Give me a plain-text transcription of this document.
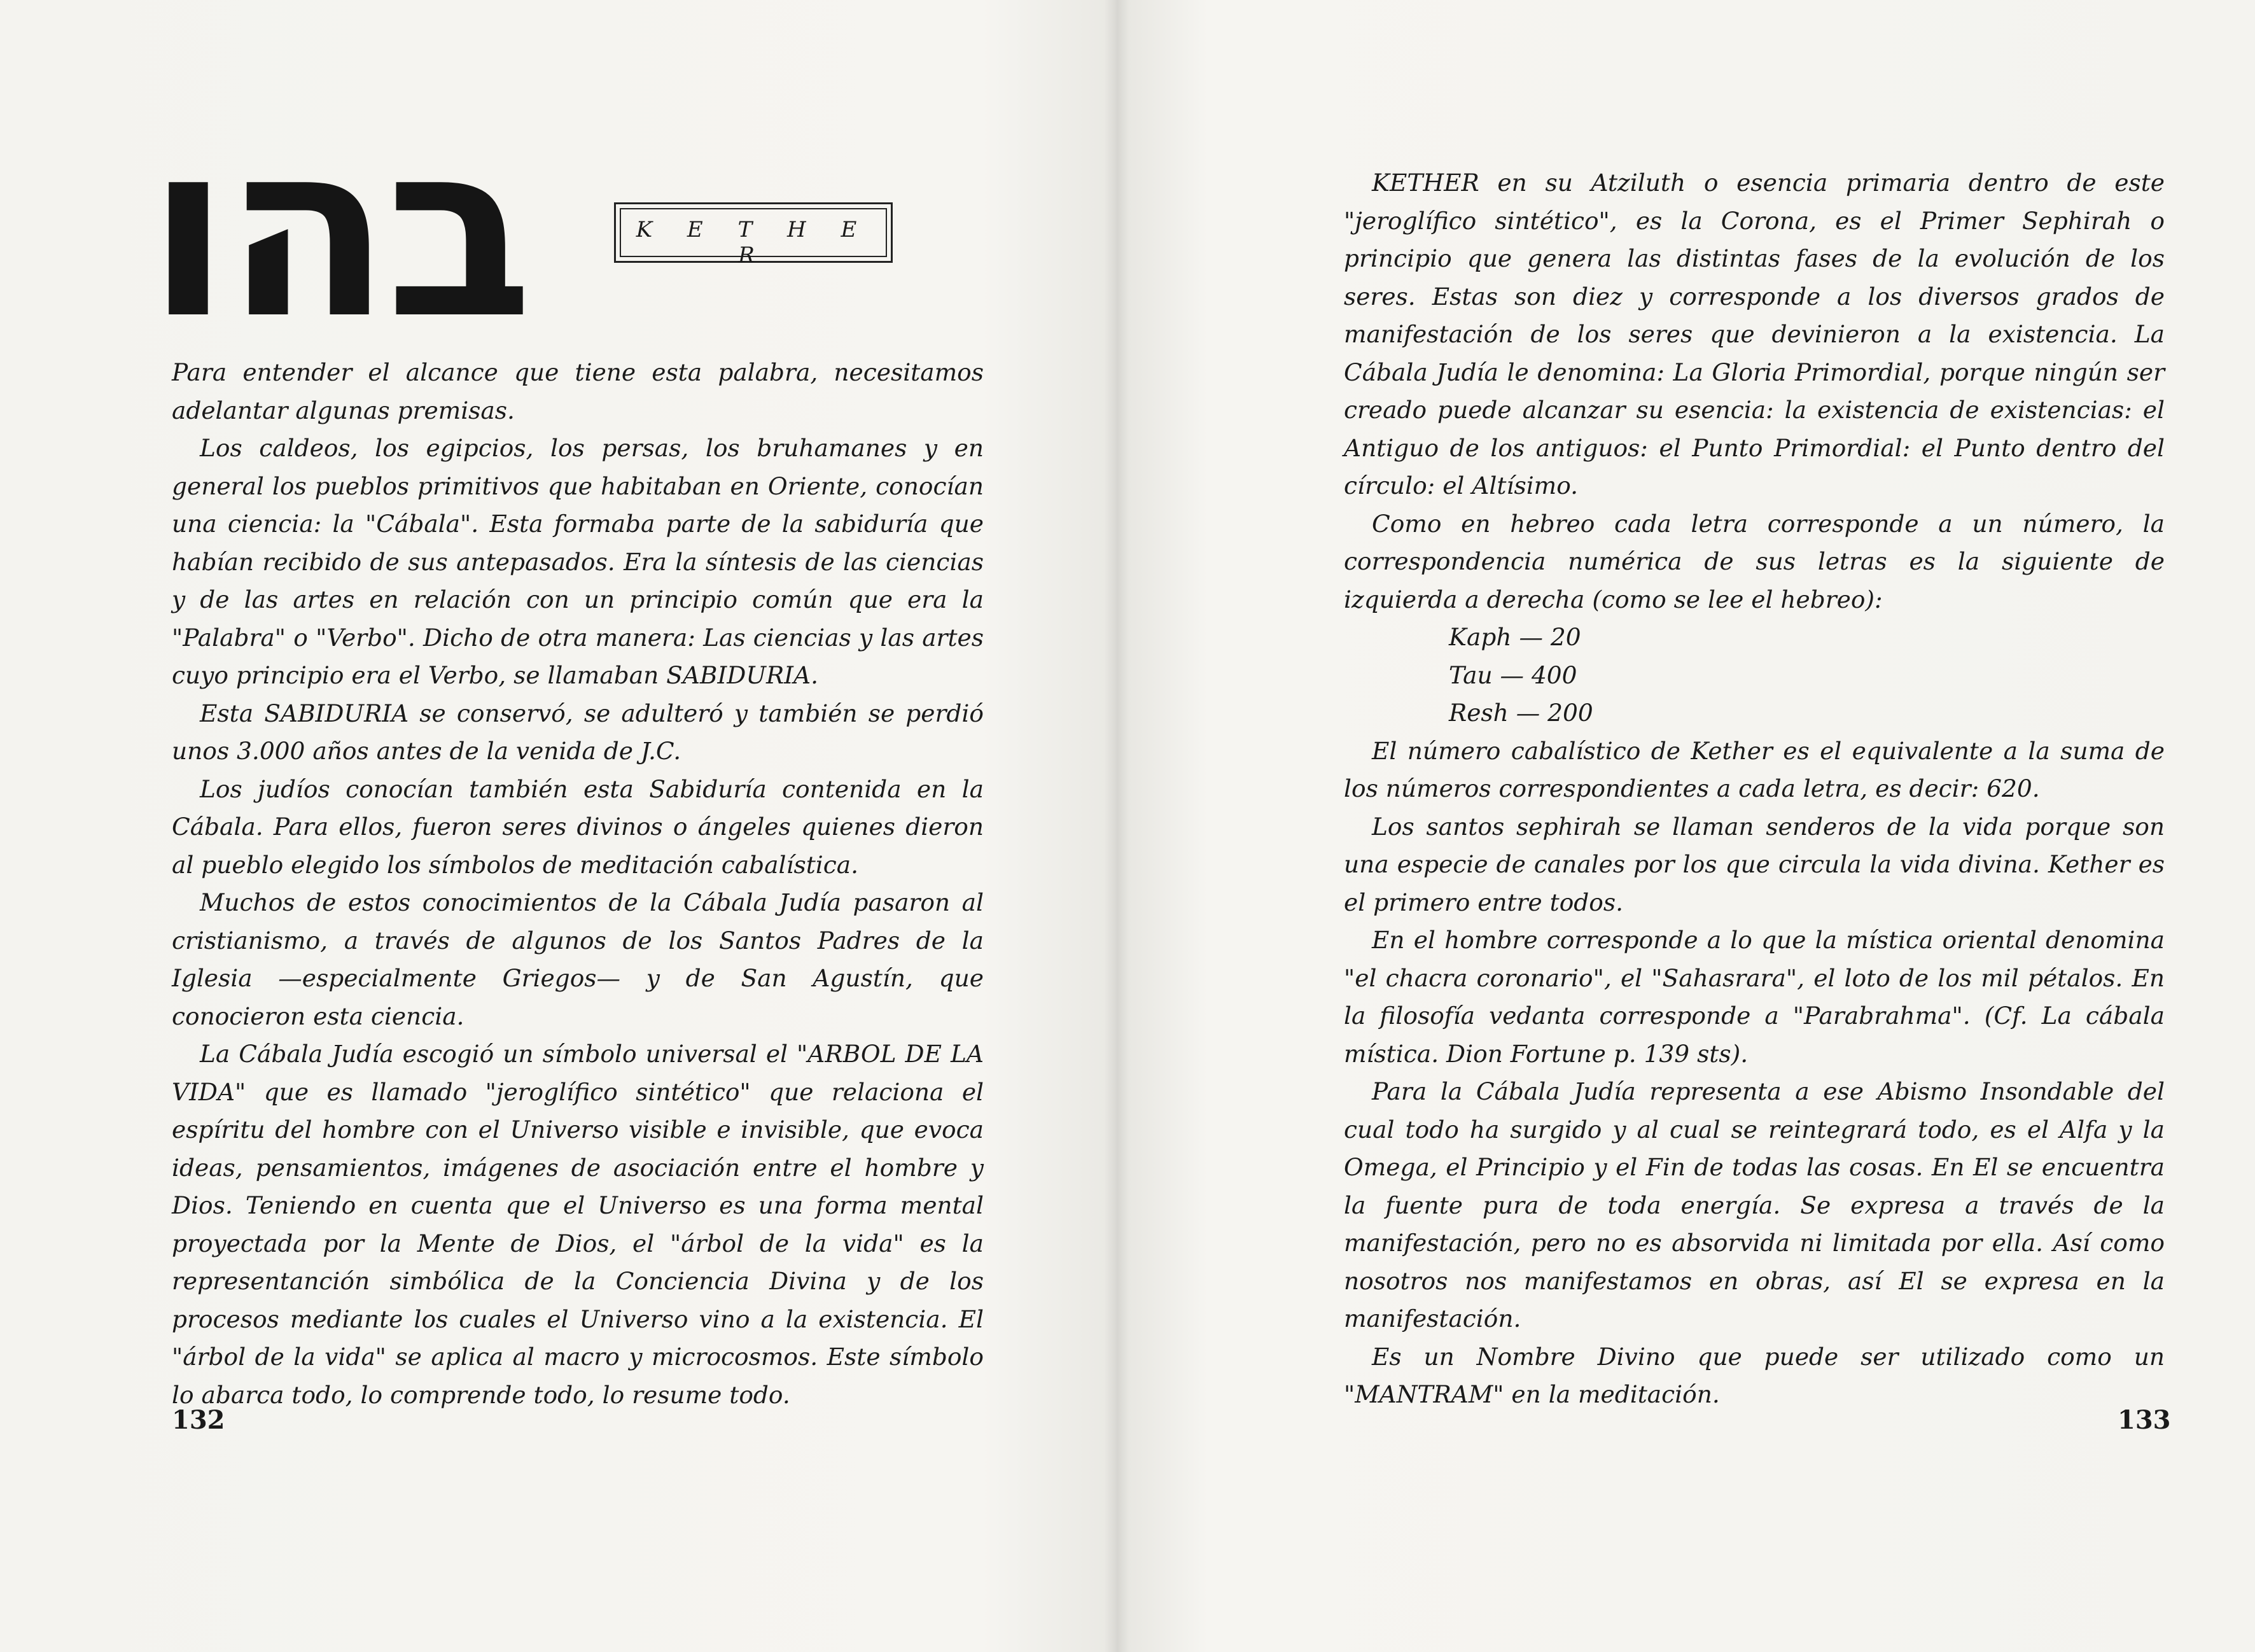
בהו	K E T H E R

Para entender el alcance que tiene esta palabra, necesitamos adelantar algunas premisas.

Los caldeos, los egipcios, los persas, los bruhamanes y en general los pueblos primitivos que habitaban en Oriente, conocían una ciencia: la "Cábala". Esta formaba parte de la sabiduría que habían recibido de sus antepasados. Era la síntesis de las ciencias y de las artes en relación con un principio común que era la "Palabra" o "Verbo". Dicho de otra manera: Las ciencias y las artes cuyo principio era el Verbo, se llamaban SABIDURIA.

Esta SABIDURIA se conservó, se adulteró y también se perdió unos 3.000 años antes de la venida de J.C.

Los judíos conocían también esta Sabiduría contenida en la Cábala. Para ellos, fueron seres divinos o ángeles quienes dieron al pueblo elegido los símbolos de meditación cabalística.

Muchos de estos conocimientos de la Cábala Judía pasaron al cristianismo, a través de algunos de los Santos Padres de la Iglesia —especialmente Griegos— y de San Agustín, que conocieron esta ciencia.

La Cábala Judía escogió un símbolo universal el "ARBOL DE LA VIDA" que es llamado "jeroglífico sintético" que relaciona el espíritu del hombre con el Universo visible e invisible, que evoca ideas, pensamientos, imágenes de asociación entre el hombre y Dios. Teniendo en cuenta que el Universo es una forma mental proyectada por la Mente de Dios, el "árbol de la vida" es la representanción simbólica de la Conciencia Divina y de los procesos mediante los cuales el Universo vino a la existencia. El "árbol de la vida" se aplica al macro y microcosmos. Este símbolo lo abarca todo, lo comprende todo, lo resume todo.

132

KETHER en su Atziluth o esencia primaria dentro de este "jeroglífico sintético", es la Corona, es el Primer Sephirah o principio que genera las distintas fases de la evolución de los seres. Estas son diez y corresponde a los diversos grados de manifestación de los seres que devinieron a la existencia. La Cábala Judía le denomina: La Gloria Primordial, porque ningún ser creado puede alcanzar su esencia: la existencia de existencias: el Antiguo de los antiguos: el Punto Primordial: el Punto dentro del círculo: el Altísimo.

Como en hebreo cada letra corresponde a un número, la correspondencia numérica de sus letras es la siguiente de izquierda a derecha (como se lee el hebreo):

Kaph — 20
Tau — 400
Resh — 200

El número cabalístico de Kether es el equivalente a la suma de los números correspondientes a cada letra, es decir: 620.

Los santos sephirah se llaman senderos de la vida porque son una especie de canales por los que circula la vida divina. Kether es el primero entre todos.

En el hombre corresponde a lo que la mística oriental denomina "el chacra coronario", el "Sahasrara", el loto de los mil pétalos. En la filosofía vedanta corresponde a "Parabrahma". (Cf. La cábala mística. Dion Fortune p. 139 sts).

Para la Cábala Judía representa a ese Abismo Insondable del cual todo ha surgido y al cual se reintegrará todo, es el Alfa y la Omega, el Principio y el Fin de todas las cosas. En El se encuentra la fuente pura de toda energía. Se expresa a través de la manifestación, pero no es absorvida ni limitada por ella. Así como nosotros nos manifestamos en obras, así El se expresa en la manifestación.

Es un Nombre Divino que puede ser utilizado como un "MANTRAM" en la meditación.

133
